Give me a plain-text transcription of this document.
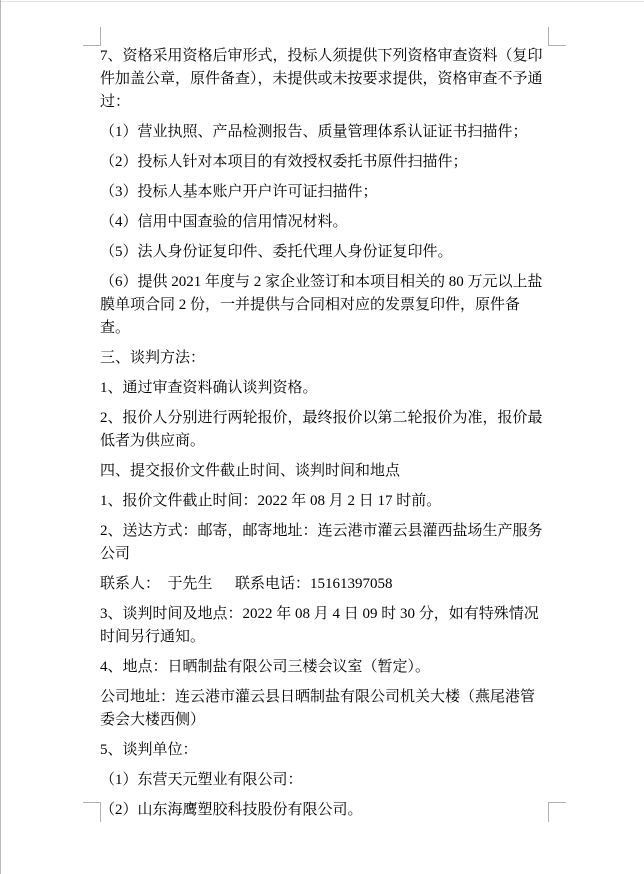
7、资格采用资格后审形式，投标人须提供下列资格审查资料（复印件加盖公章，原件备查），未提供或未按要求提供，资格审查不予通过：

（1）营业执照、产品检测报告、质量管理体系认证证书扫描件；

（2）投标人针对本项目的有效授权委托书原件扫描件；

（3）投标人基本账户开户许可证扫描件；

（4）信用中国查验的信用情况材料。

（5）法人身份证复印件、委托代理人身份证复印件。

（6）提供 2021 年度与 2 家企业签订和本项目相关的 80 万元以上盐膜单项合同 2 份，一并提供与合同相对应的发票复印件，原件备查。

三、谈判方法：

1、通过审查资料确认谈判资格。

2、报价人分别进行两轮报价，最终报价以第二轮报价为准，报价最低者为供应商。

四、提交报价文件截止时间、谈判时间和地点

1、报价文件截止时间：2022 年 08 月 2 日 17 时前。

2、送达方式：邮寄，邮寄地址：连云港市灌云县灌西盐场生产服务公司

联系人：  于先生      联系电话：15161397058

3、谈判时间及地点：2022 年 08 月 4 日 09 时 30 分，如有特殊情况时间另行通知。

4、地点：日晒制盐有限公司三楼会议室（暂定）。

公司地址：连云港市灌云县日晒制盐有限公司机关大楼（燕尾港管委会大楼西侧）

5、谈判单位：

（1）东营天元塑业有限公司：

（2）山东海鹰塑胶科技股份有限公司。
